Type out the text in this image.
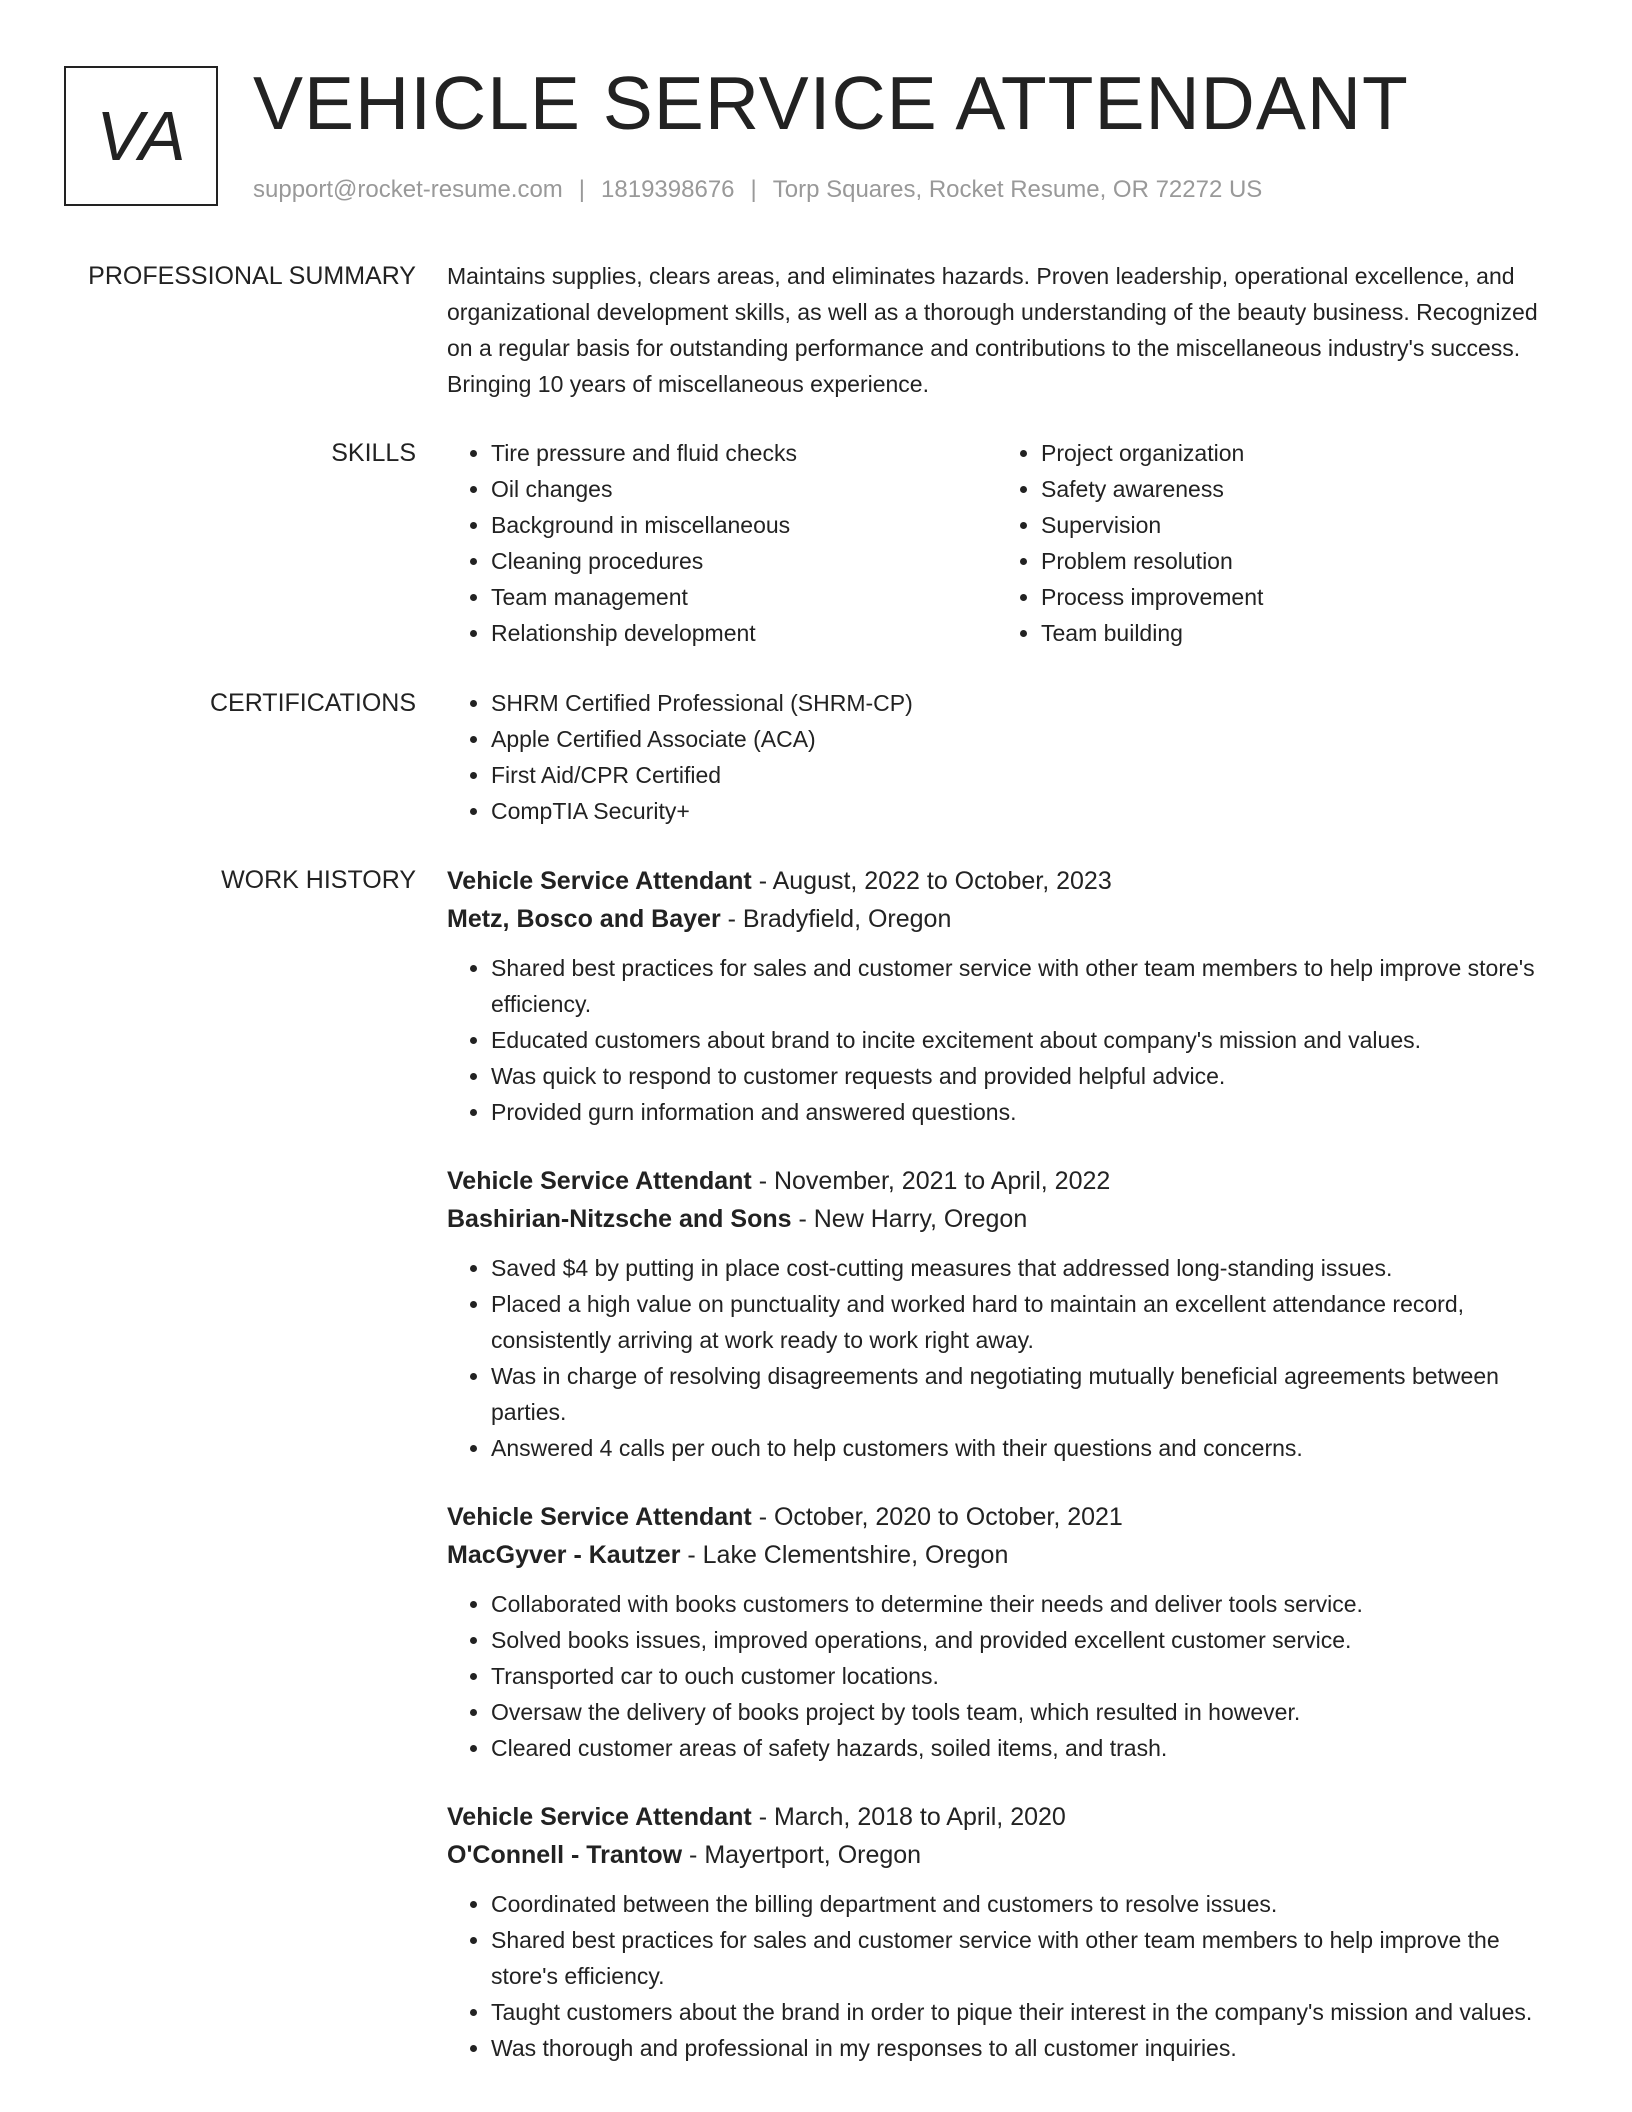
VA VEHICLE SERVICE ATTENDANT
support@rocket-resume.com | 1819398676 | Torp Squares, Rocket Resume, OR 72272 US
PROFESSIONAL SUMMARY Maintains supplies, clears areas, and eliminates hazards. Proven leadership, operational excellence, and organizational development skills, as well as a thorough understanding of the beauty business. Recognized on a regular basis for outstanding performance and contributions to the miscellaneous industry's success. Bringing 10 years of miscellaneous experience.
SKILLS	• Tire pressure and fluid checks
• Oil changes
• Background in miscellaneous
• Cleaning procedures
• Team management
• Relationship development
• Project organization
• Safety awareness
• Supervision
• Problem resolution
• Process improvement
• Team building
CERTIFICATIONS	• SHRM Certified Professional (SHRM-CP)
• Apple Certified Associate (ACA)
• First Aid/CPR Certified
• CompTIA Security+
WORK HISTORY Vehicle Service Attendant - August, 2022 to October, 2023
Metz, Bosco and Bayer - Bradyfield, Oregon
• Shared best practices for sales and customer service with other team members to help improve store's efficiency.
• Educated customers about brand to incite excitement about company's mission and values.
• Was quick to respond to customer requests and provided helpful advice.
• Provided gurn information and answered questions.
Vehicle Service Attendant - November, 2021 to April, 2022
Bashirian-Nitzsche and Sons - New Harry, Oregon
• Saved $4 by putting in place cost-cutting measures that addressed long-standing issues.
• Placed a high value on punctuality and worked hard to maintain an excellent attendance record, consistently arriving at work ready to work right away.
• Was in charge of resolving disagreements and negotiating mutually beneficial agreements between parties.
• Answered 4 calls per ouch to help customers with their questions and concerns.
Vehicle Service Attendant - October, 2020 to October, 2021
MacGyver - Kautzer - Lake Clementshire, Oregon
• Collaborated with books customers to determine their needs and deliver tools service.
• Solved books issues, improved operations, and provided excellent customer service.
• Transported car to ouch customer locations.
• Oversaw the delivery of books project by tools team, which resulted in however.
• Cleared customer areas of safety hazards, soiled items, and trash.
Vehicle Service Attendant - March, 2018 to April, 2020
O'Connell - Trantow - Mayertport, Oregon
• Coordinated between the billing department and customers to resolve issues.
• Shared best practices for sales and customer service with other team members to help improve the store's efficiency.
• Taught customers about the brand in order to pique their interest in the company's mission and values.
• Was thorough and professional in my responses to all customer inquiries.
